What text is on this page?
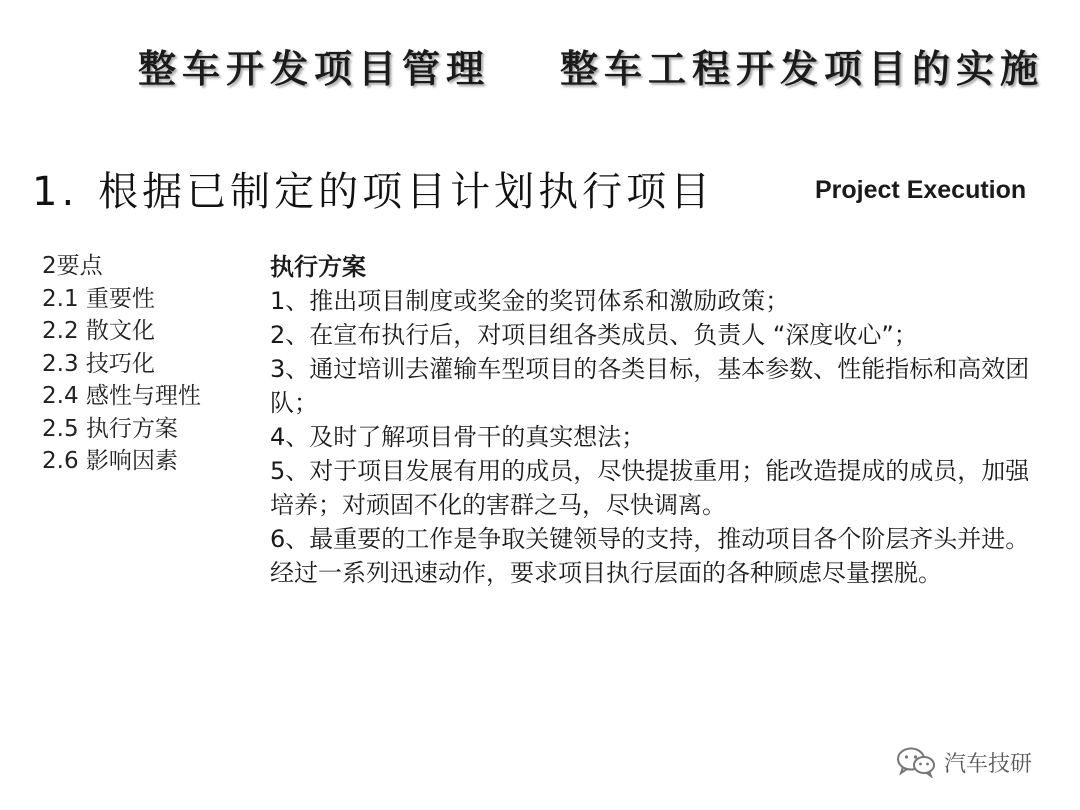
整车开发项目管理 整车工程开发项目的实施
1. 根据已制定的项目计划执行项目	Project Execution
2要点
2.1 重要性
2.2 散文化
2.3 技巧化
2.4 感性与理性
2.5 执行方案
2.6 影响因素
执行方案

1、推出项目制度或奖金的奖罚体系和激励政策；

2、在宣布执行后，对项目组各类成员、负责人 “深度收心”；

3、通过培训去灌输车型项目的各类目标，基本参数、性能指标和高效团队；

4、及时了解项目骨干的真实想法；

5、对于项目发展有用的成员，尽快提拔重用；能改造提成的成员，加强培养；对顽固不化的害群之马，尽快调离。

6、最重要的工作是争取关键领导的支持，推动项目各个阶层齐头并进。

经过一系列迅速动作，要求项目执行层面的各种顾虑尽量摆脱。

汽车技研
